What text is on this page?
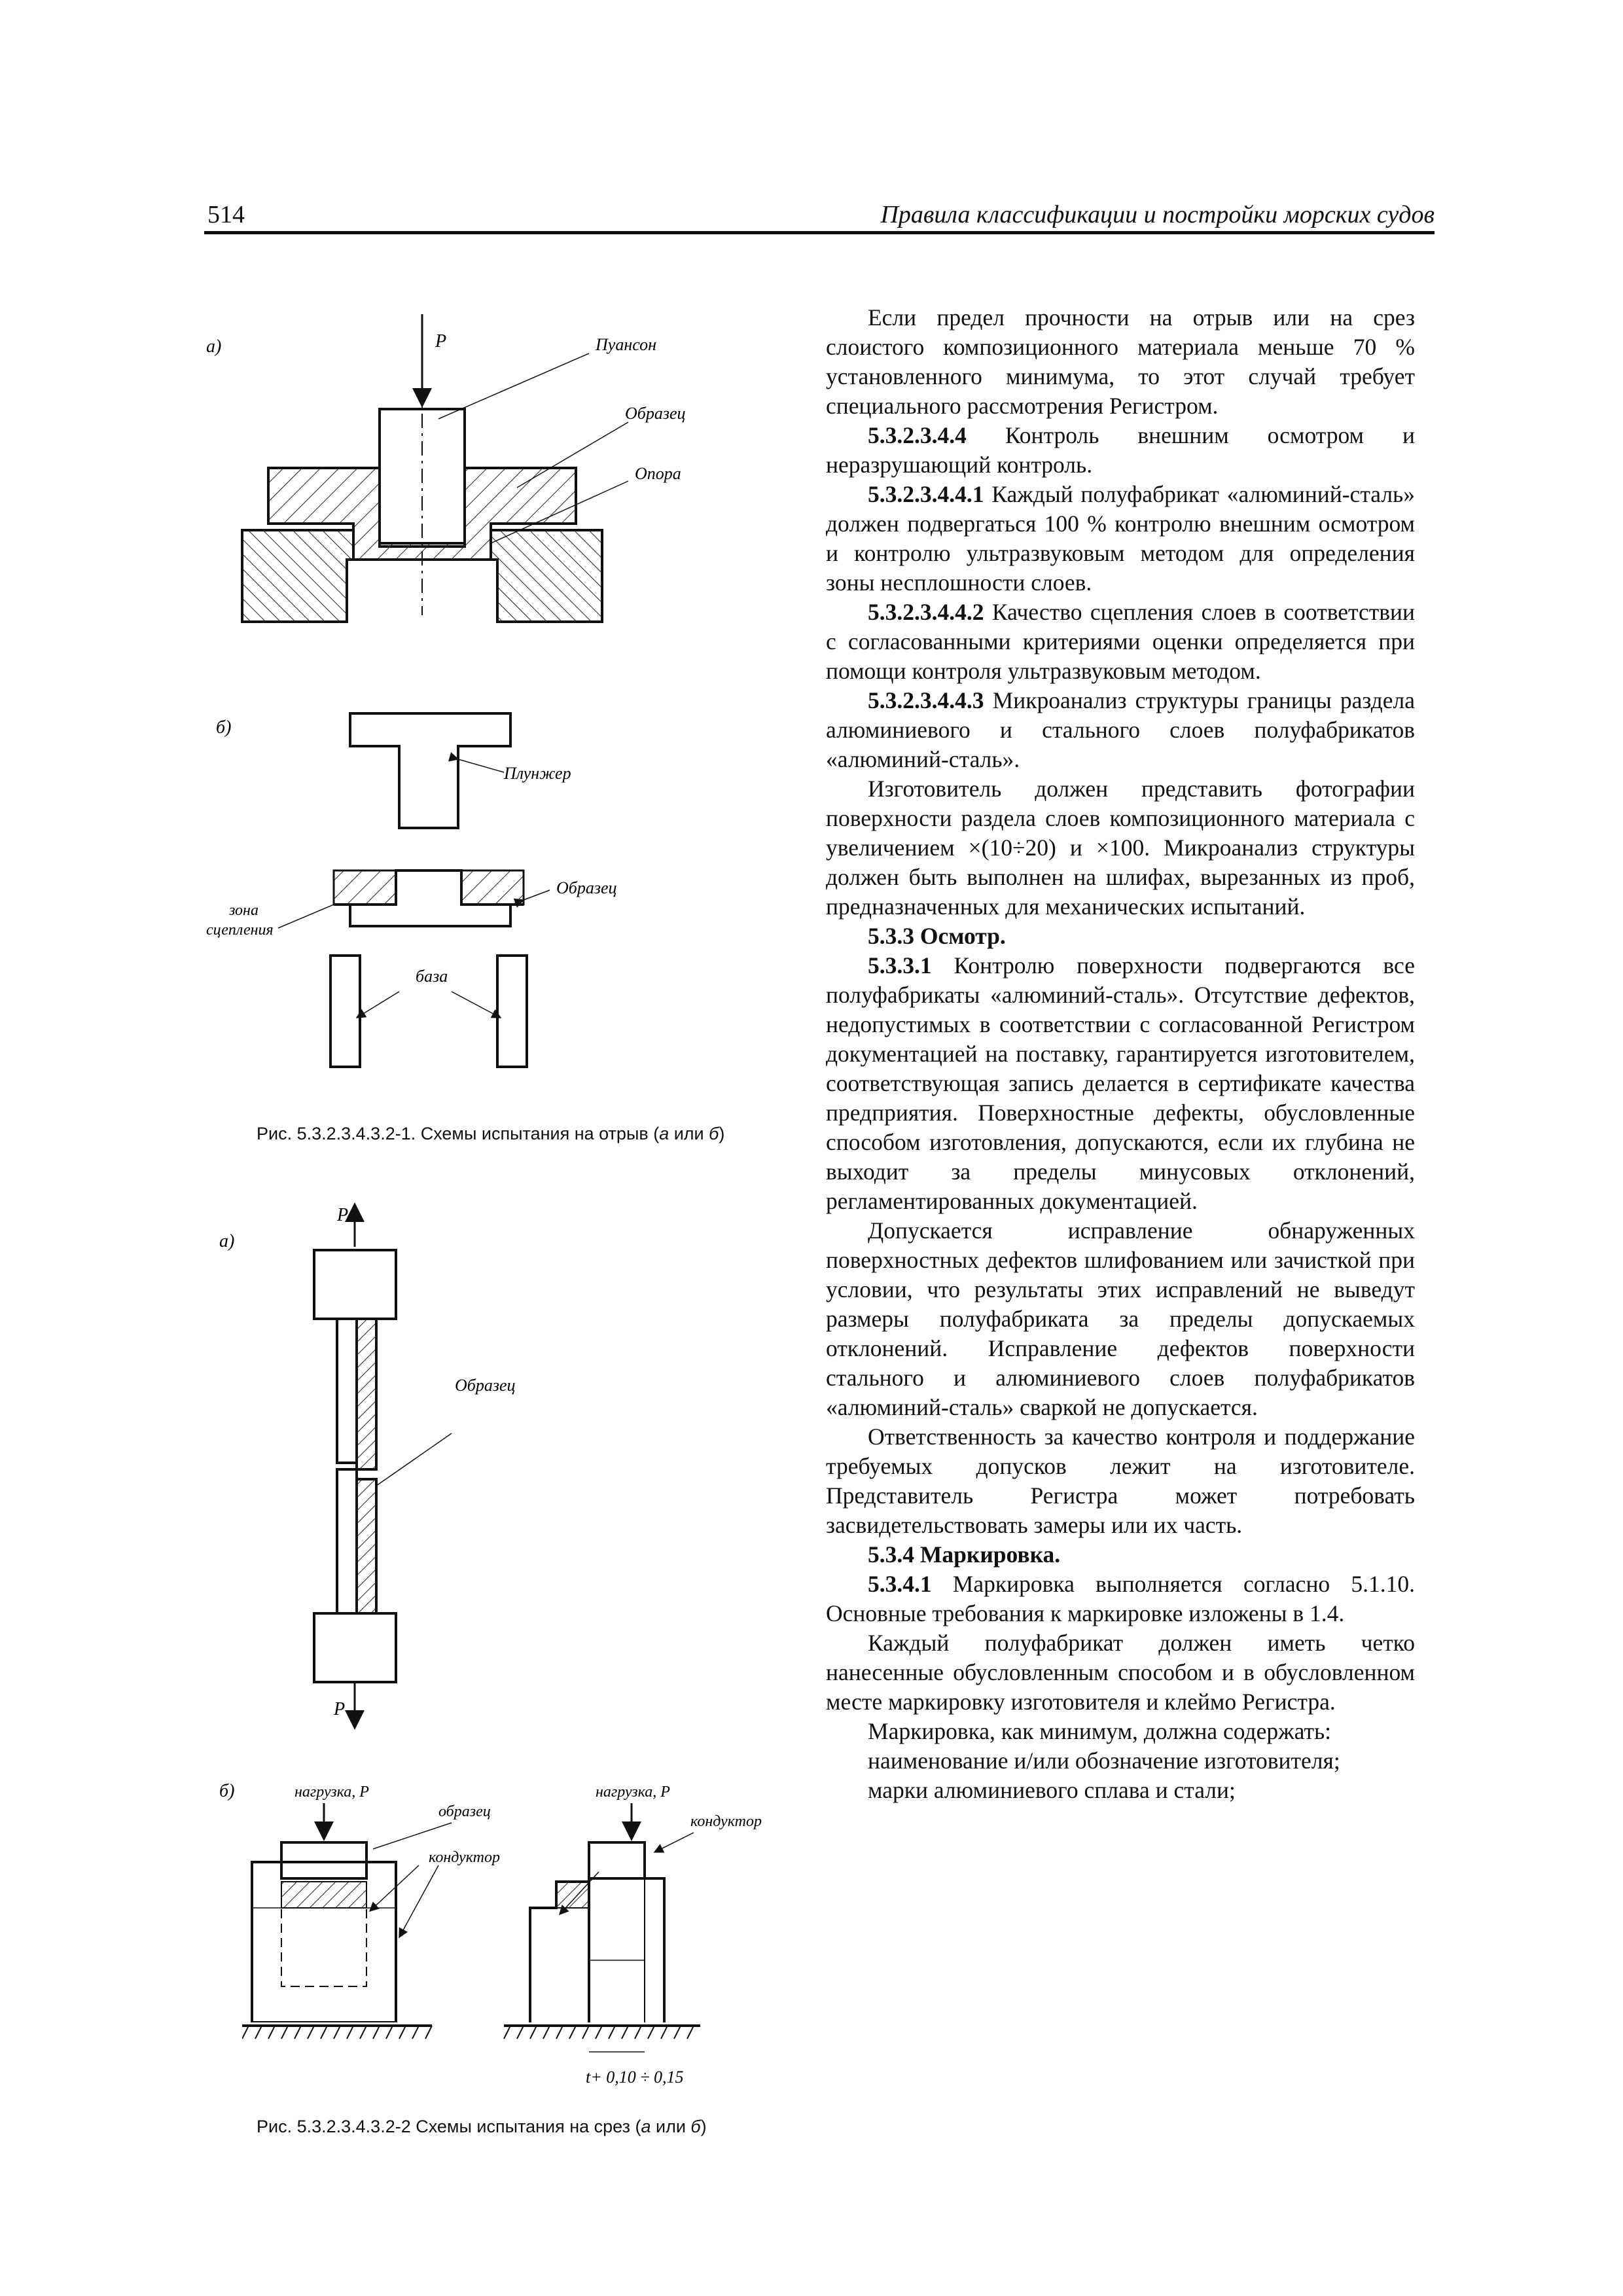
514	Правила классификации и постройки морских судов
а)	P	Пуансон
Образец
Опора
б)
Плунжер
Образец
зона
сцепления
база
Рис. 5.3.2.3.4.3.2-1. Схемы испытания на отрыв (а или б)
а)
P
P
Образец
б)	нагрузка, P
образец
кондуктор
нагрузка, P
кондуктор
t+ 0,10 ÷ 0,15
Рис. 5.3.2.3.4.3.2-2 Схемы испытания на срез (а или б)

Если предел прочности на отрыв или на срез слоистого композиционного материала меньше 70 % установленного минимума, то этот случай требует специального рассмотрения Регистром.

5.3.2.3.4.4 Контроль внешним осмотром и неразрушающий контроль.

5.3.2.3.4.4.1 Каждый полуфабрикат «алюминий-сталь» должен подвергаться 100 % контролю внешним осмотром и контролю ультразвуковым методом для определения зоны несплошности слоев.

5.3.2.3.4.4.2 Качество сцепления слоев в соответствии с согласованными критериями оценки определяется при помощи контроля ультразвуковым методом.

5.3.2.3.4.4.3 Микроанализ структуры границы раздела алюминиевого и стального слоев полуфабрикатов «алюминий-сталь».

Изготовитель должен представить фотографии поверхности раздела слоев композиционного материала с увеличением ×(10÷20) и ×100. Микроанализ структуры должен быть выполнен на шлифах, вырезанных из проб, предназначенных для механических испытаний.

5.3.3 Осмотр.

5.3.3.1 Контролю поверхности подвергаются все полуфабрикаты «алюминий-сталь». Отсутствие дефектов, недопустимых в соответствии с согласованной Регистром документацией на поставку, гарантируется изготовителем, соответствующая запись делается в сертификате качества предприятия. Поверхностные дефекты, обусловленные способом изготовления, допускаются, если их глубина не выходит за пределы минусовых отклонений, регламентированных документацией.

Допускается исправление обнаруженных поверхностных дефектов шлифованием или зачисткой при условии, что результаты этих исправлений не выведут размеры полуфабриката за пределы допускаемых отклонений. Исправление дефектов поверхности стального и алюминиевого слоев полуфабрикатов «алюминий-сталь» сваркой не допускается.

Ответственность за качество контроля и поддержание требуемых допусков лежит на изготовителе. Представитель Регистра может потребовать засвидетельствовать замеры или их часть.

5.3.4 Маркировка.

5.3.4.1 Маркировка выполняется согласно 5.1.10. Основные требования к маркировке изложены в 1.4.

Каждый полуфабрикат должен иметь четко нанесенные обусловленным способом и в обусловленном месте маркировку изготовителя и клеймо Регистра.

Маркировка, как минимум, должна содержать:

наименование и/или обозначение изготовителя;

марки алюминиевого сплава и стали;
